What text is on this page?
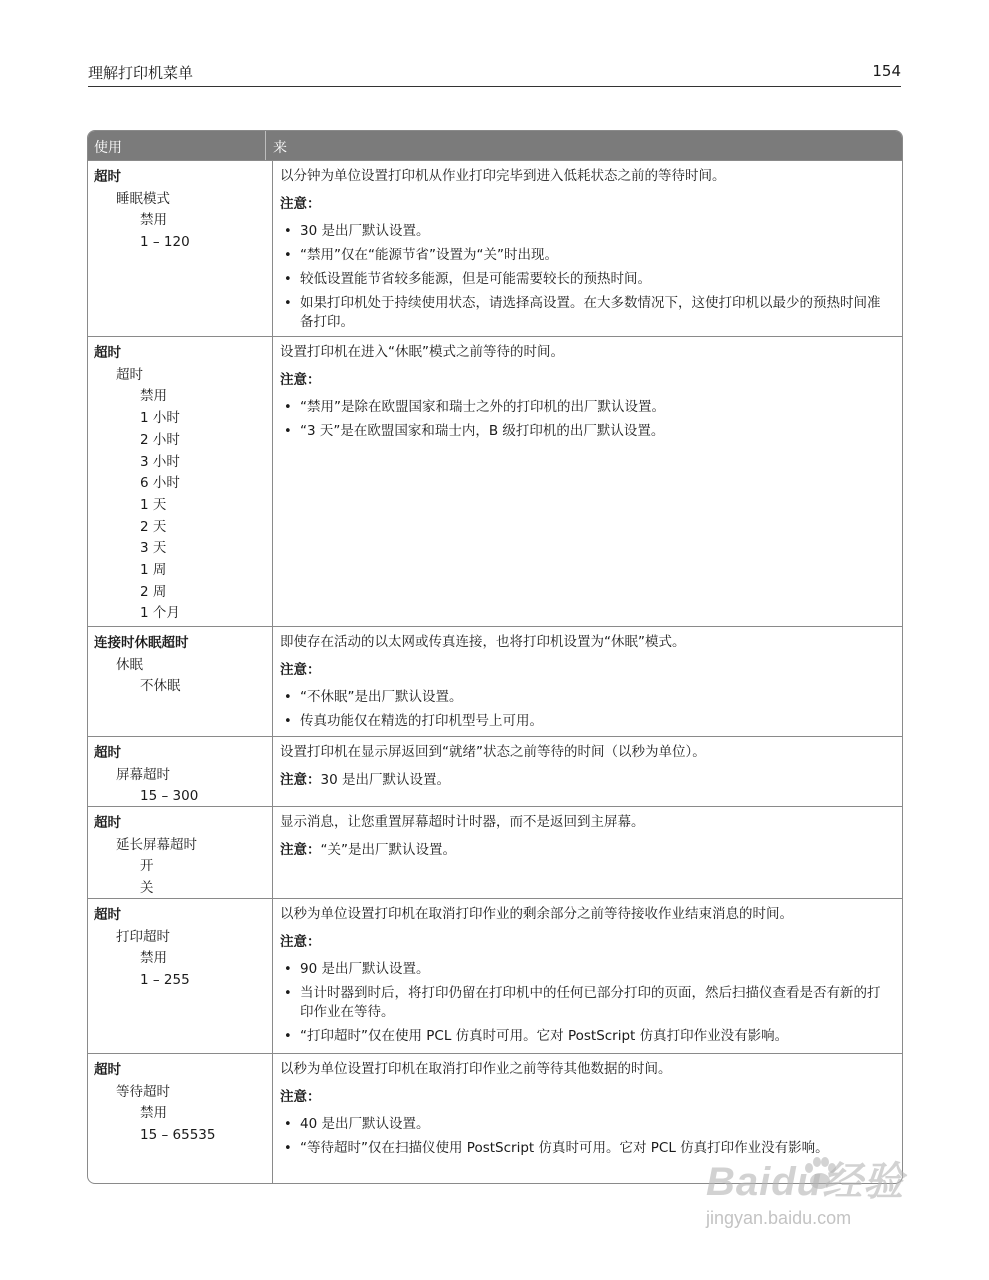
理解打印机菜单	154
使用	来
超时
睡眠模式
禁用
1 – 120
以分钟为单位设置打印机从作业打印完毕到进入低耗状态之前的等待时间。
注意：
• 30 是出厂默认设置。
• “禁用”仅在“能源节省”设置为“关”时出现。
• 较低设置能节省较多能源，但是可能需要较长的预热时间。
• 如果打印机处于持续使用状态，请选择高设置。在大多数情况下，这使打印机以最少的预热时间准备打印。
超时
超时
禁用
1 小时
2 小时
3 小时
6 小时
1 天
2 天
3 天
1 周
2 周
1 个月
设置打印机在进入“休眠”模式之前等待的时间。
注意：
• “禁用”是除在欧盟国家和瑞士之外的打印机的出厂默认设置。
• “3 天”是在欧盟国家和瑞士内，B 级打印机的出厂默认设置。
连接时休眠超时
休眠
不休眠
即使存在活动的以太网或传真连接，也将打印机设置为“休眠”模式。
注意：
• “不休眠”是出厂默认设置。
• 传真功能仅在精选的打印机型号上可用。
超时
屏幕超时
15 – 300
设置打印机在显示屏返回到“就绪”状态之前等待的时间（以秒为单位）。
注意：30 是出厂默认设置。
超时
延长屏幕超时
开
关
显示消息，让您重置屏幕超时计时器，而不是返回到主屏幕。
注意：“关”是出厂默认设置。
超时
打印超时
禁用
1 – 255
以秒为单位设置打印机在取消打印作业的剩余部分之前等待接收作业结束消息的时间。
注意：
• 90 是出厂默认设置。
• 当计时器到时后，将打印仍留在打印机中的任何已部分打印的页面，然后扫描仪查看是否有新的打印作业在等待。
• “打印超时”仅在使用 PCL 仿真时可用。它对 PostScript 仿真打印作业没有影响。
超时
等待超时
禁用
15 – 65535
以秒为单位设置打印机在取消打印作业之前等待其他数据的时间。
注意：
• 40 是出厂默认设置。
• “等待超时”仅在扫描仪使用 PostScript 仿真时可用。它对 PCL 仿真打印作业没有影响。
Baidu经验
jingyan.baidu.com
